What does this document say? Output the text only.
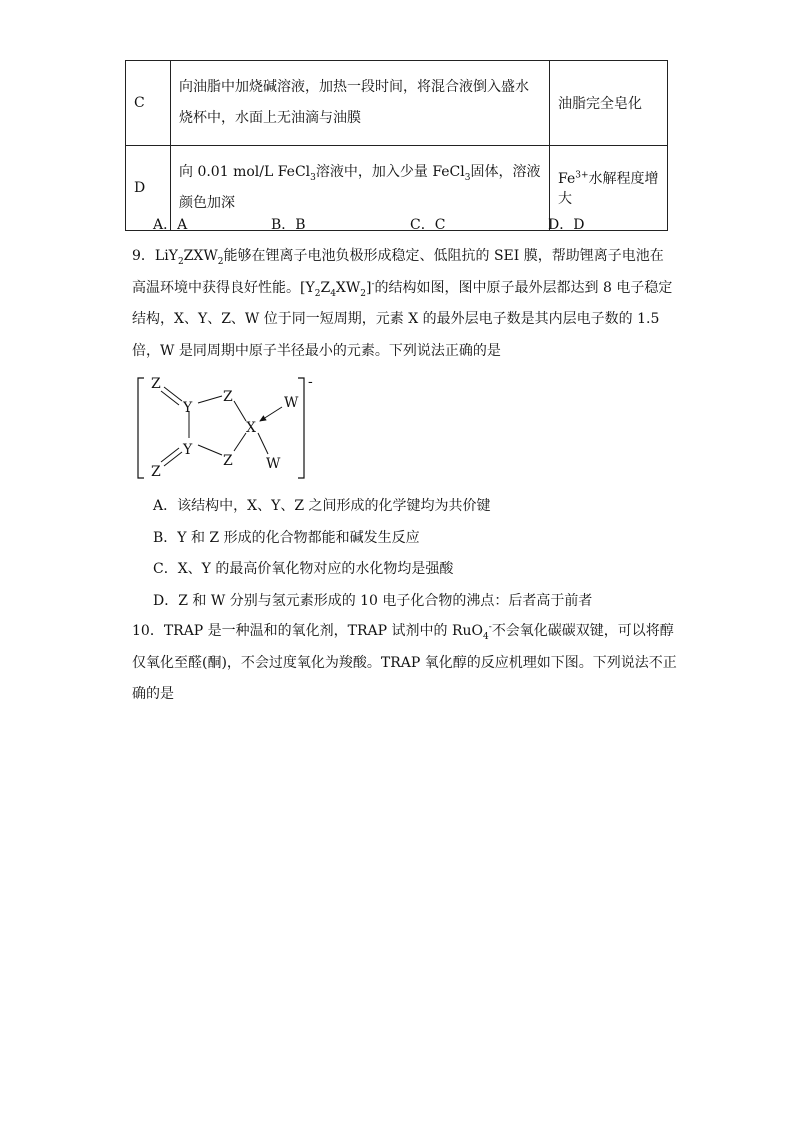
C	向油脂中加烧碱溶液，加热一段时间，将混合液倒入盛水烧杯中，水面上无油滴与油膜	油脂完全皂化
D	向 0.01 mol/L FeCl$_3$溶液中，加入少量 FeCl$_3$固体，溶液颜色加深	$Fe^{3+}$水解程度增大
A．A	B．B	C．C	D．D
9．$LiY_2ZXW_2$能够在锂离子电池负极形成稳定、低阻抗的 SEI 膜，帮助锂离子电池在高温环境中获得良好性能。$[Y_2Z_4XW_2]^-$的结构如图，图中原子最外层都达到 8 电子稳定结构，X、Y、Z、W 位于同一短周期，元素 X 的最外层电子数是其内层电子数的 1.5 倍，W 是同周期中原子半径最小的元素。下列说法正确的是
Z
Y
Z
X
W
Y
Z W
Z
-
A．该结构中，X、Y、Z 之间形成的化学键均为共价键
B．Y 和 Z 形成的化合物都能和碱发生反应
C．X、Y 的最高价氧化物对应的水化物均是强酸
D．Z 和 W 分别与氢元素形成的 10 电子化合物的沸点：后者高于前者
10．TRAP 是一种温和的氧化剂，TRAP 试剂中的 RuO$_4$-不会氧化碳碳双键，可以将醇仅氧化至醛(酮)，不会过度氧化为羧酸。TRAP 氧化醇的反应机理如下图。下列说法不正确的是
